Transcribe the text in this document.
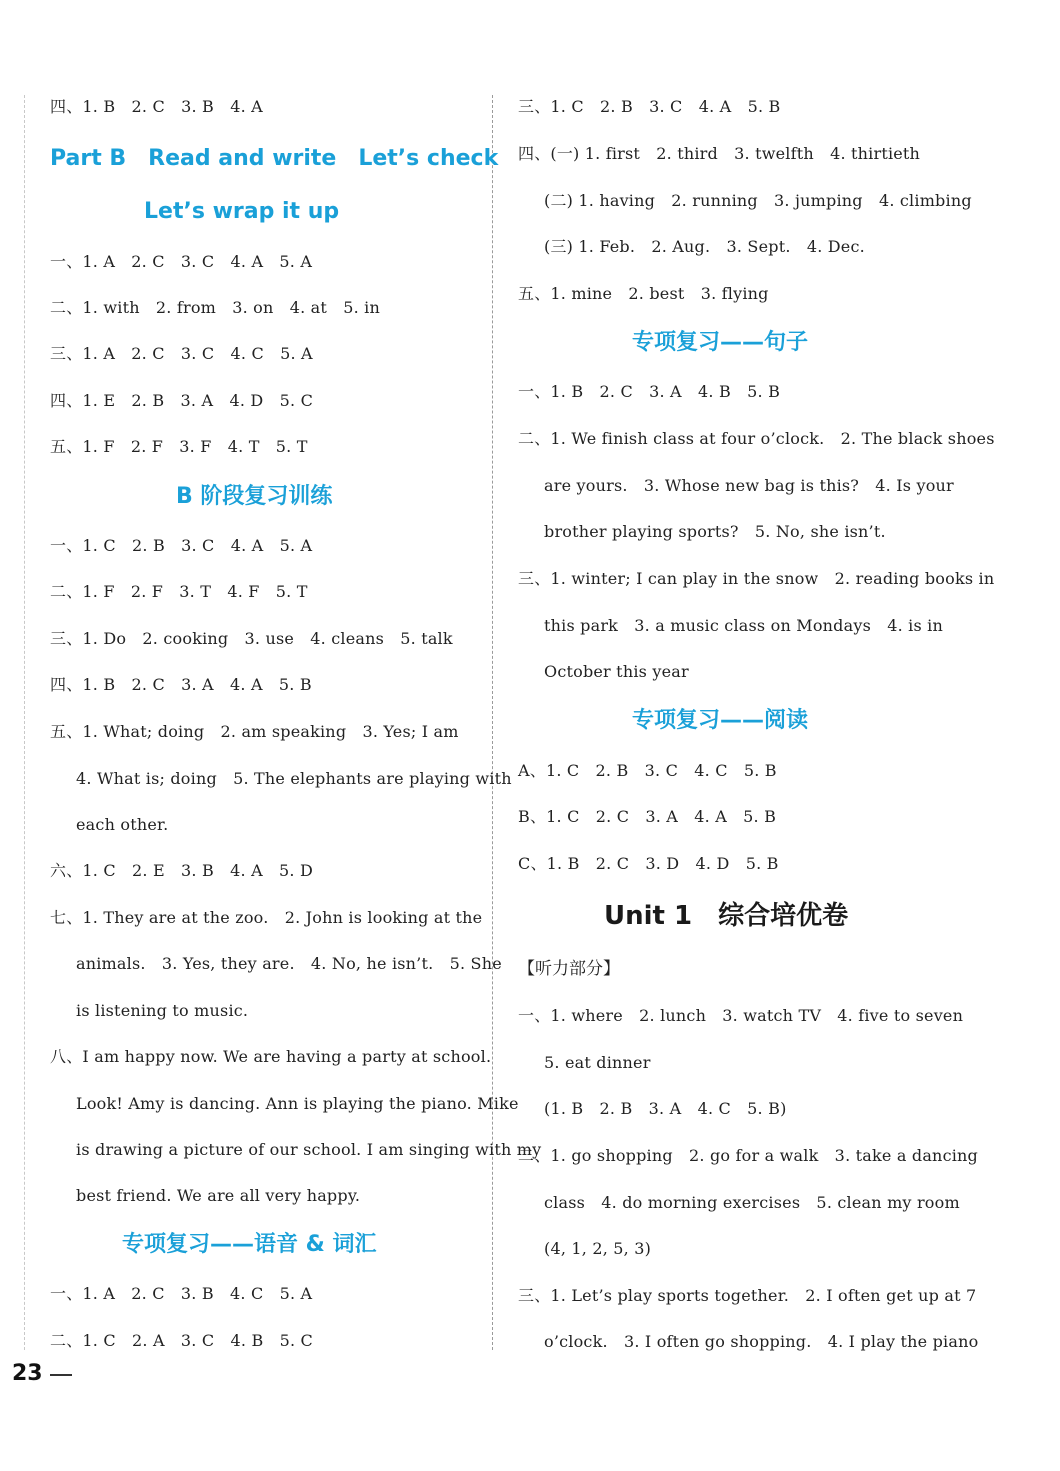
四、1. B　2. C　3. B　4. A
Part B　Read and write　Let’s check
Let’s wrap it up
一、1. A　2. C　3. C　4. A　5. A
二、1. with　2. from　3. on　4. at　5. in
三、1. A　2. C　3. C　4. C　5. A
四、1. E　2. B　3. A　4. D　5. C
五、1. F　2. F　3. F　4. T　5. T
B 阶段复习训练
一、1. C　2. B　3. C　4. A　5. A
二、1. F　2. F　3. T　4. F　5. T
三、1. Do　2. cooking　3. use　4. cleans　5. talk
四、1. B　2. C　3. A　4. A　5. B
五、1. What; doing　2. am speaking　3. Yes; I am
4. What is; doing　5. The elephants are playing with
each other.
六、1. C　2. E　3. B　4. A　5. D
七、1. They are at the zoo.　2. John is looking at the
animals.　3. Yes, they are.　4. No, he isn’t.　5. She
is listening to music.
八、I am happy now. We are having a party at school.
Look! Amy is dancing. Ann is playing the piano. Mike
is drawing a picture of our school. I am singing with my
best friend. We are all very happy.
专项复习——语音 & 词汇
一、1. A　2. C　3. B　4. C　5. A
二、1. C　2. A　3. C　4. B　5. C
三、1. C　2. B　3. C　4. A　5. B
四、(一) 1. first　2. third　3. twelfth　4. thirtieth
(二) 1. having　2. running　3. jumping　4. climbing
(三) 1. Feb.　2. Aug.　3. Sept.　4. Dec.
五、1. mine　2. best　3. flying
专项复习——句子
一、1. B　2. C　3. A　4. B　5. B
二、1. We finish class at four o’clock.　2. The black shoes
are yours.　3. Whose new bag is this?　4. Is your
brother playing sports?　5. No, she isn’t.
三、1. winter; I can play in the snow　2. reading books in
this park　3. a music class on Mondays　4. is in
October this year
专项复习——阅读
A、1. C　2. B　3. C　4. C　5. B
B、1. C　2. C　3. A　4. A　5. B
C、1. B　2. C　3. D　4. D　5. B
Unit 1　综合培优卷
【听力部分】
一、1. where　2. lunch　3. watch TV　4. five to seven
5. eat dinner
(1. B　2. B　3. A　4. C　5. B)
二、1. go shopping　2. go for a walk　3. take a dancing
class　4. do morning exercises　5. clean my room
(4, 1, 2, 5, 3)
三、1. Let’s play sports together.　2. I often get up at 7
o’clock.　3. I often go shopping.　4. I play the piano
23
